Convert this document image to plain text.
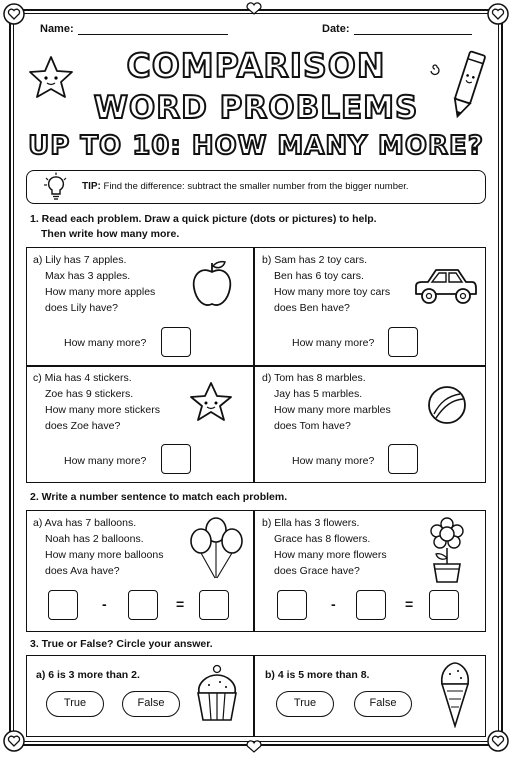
Name:	Date:
COMPARISON
WORD PROBLEMS
UP TO 10: HOW MANY MORE?
TIP: Find the difference: subtract the smaller number from the bigger number.
1. Read each problem. Draw a quick picture (dots or pictures) to help.
Then write how many more.
a) Lily has 7 apples.
Max has 3 apples.
How many more apples
does Lily have?
How many more?
b) Sam has 2 toy cars.
Ben has 6 toy cars.
How many more toy cars
does Ben have?
How many more?
c) Mia has 4 stickers.
Zoe has 9 stickers.
How many more stickers
does Zoe have?
How many more?
d) Tom has 8 marbles.
Jay has 5 marbles.
How many more marbles
does Tom have?
How many more?
2. Write a number sentence to match each problem.
a) Ava has 7 balloons.
Noah has 2 balloons.
How many more balloons
does Ava have?
-	=
b) Ella has 3 flowers.
Grace has 8 flowers.
How many more flowers
does Grace have?
-	=
3. True or False? Circle your answer.
a) 6 is 3 more than 2.
True	False
b) 4 is 5 more than 8.
True	False
